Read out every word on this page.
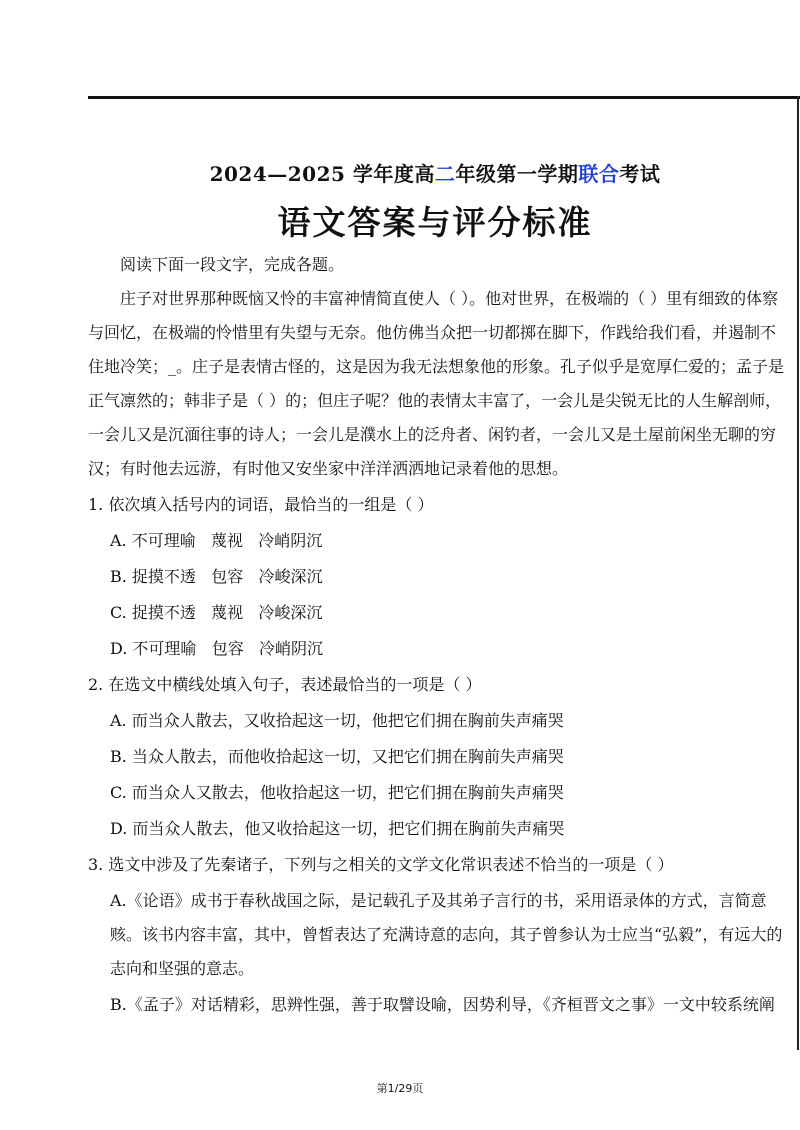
2024—2025 学年度高二年级第一学期联合考试
语文答案与评分标准

阅读下面一段文字，完成各题。

庄子对世界那种既恼又怜的丰富神情简直使人（ ）。他对世界，在极端的（ ）里有细致的体察与回忆，在极端的怜惜里有失望与无奈。他仿佛当众把一切都掷在脚下，作践给我们看，并遏制不住地冷笑；_。庄子是表情古怪的，这是因为我无法想象他的形象。孔子似乎是宽厚仁爱的；孟子是正气凛然的；韩非子是（ ）的；但庄子呢？他的表情太丰富了，一会儿是尖锐无比的人生解剖师，一会儿又是沉湎往事的诗人；一会儿是濮水上的泛舟者、闲钓者，一会儿又是土屋前闲坐无聊的穷汉；有时他去远游，有时他又安坐家中洋洋洒洒地记录着他的思想。

1. 依次填入括号内的词语，最恰当的一组是（ ）

A. 不可理喻 蔑视 冷峭阴沉

B. 捉摸不透 包容 冷峻深沉

C. 捉摸不透 蔑视 冷峻深沉

D. 不可理喻 包容 冷峭阴沉

2. 在选文中横线处填入句子，表述最恰当的一项是（ ）

A. 而当众人散去，又收拾起这一切，他把它们拥在胸前失声痛哭

B. 当众人散去，而他收拾起这一切，又把它们拥在胸前失声痛哭

C. 而当众人又散去，他收拾起这一切，把它们拥在胸前失声痛哭

D. 而当众人散去，他又收拾起这一切，把它们拥在胸前失声痛哭

3. 选文中涉及了先秦诸子，下列与之相关的文学文化常识表述不恰当的一项是（ ）

A.《论语》成书于春秋战国之际，是记载孔子及其弟子言行的书，采用语录体的方式，言简意赅。该书内容丰富，其中，曾皙表达了充满诗意的志向，其子曾参认为士应当“弘毅”，有远大的志向和坚强的意志。

B.《孟子》对话精彩，思辨性强，善于取譬设喻，因势利导，《齐桓晋文之事》一文中较系统阐

第1/29页
